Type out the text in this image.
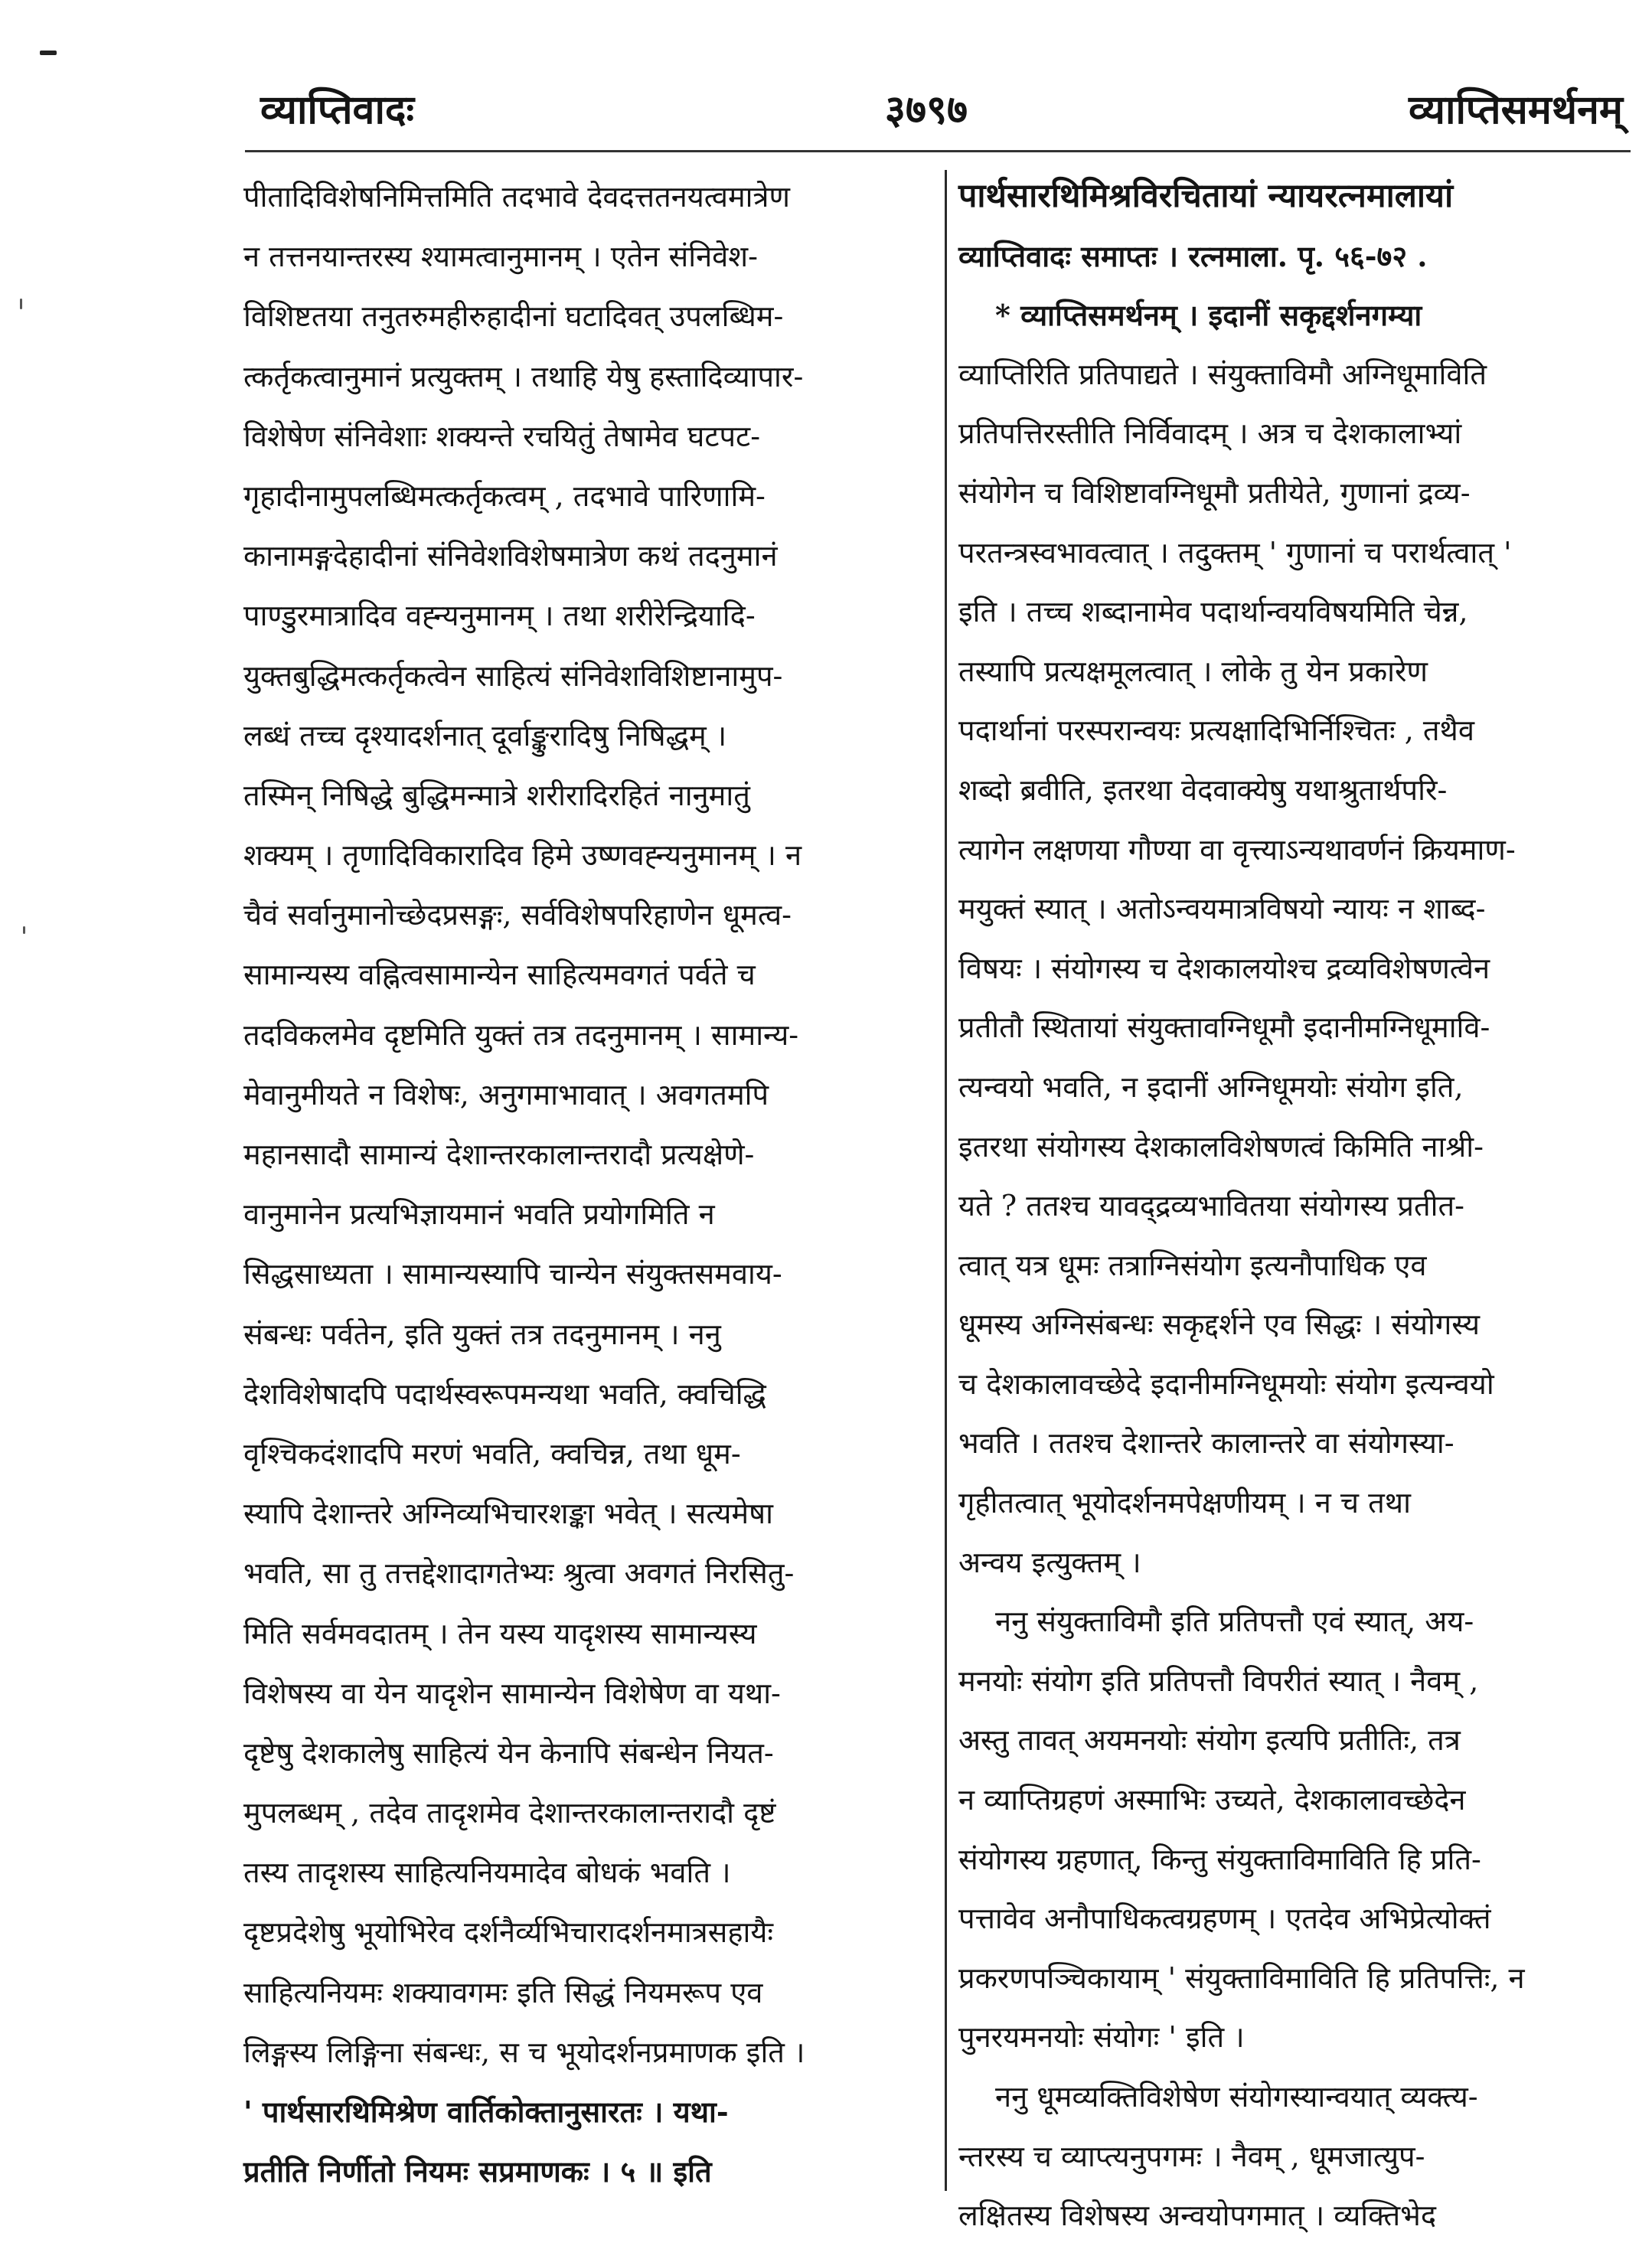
व्याप्तिवादः	३७९७	व्याप्तिसमर्थनम्
पीतादिविशेषनिमित्तमिति तदभावे देवदत्ततनयत्वमात्रेण
न तत्तनयान्तरस्य श्यामत्वानुमानम् । एतेन संनिवेश-
विशिष्टतया तनुतरुमहीरुहादीनां घटादिवत् उपलब्धिम-
त्कर्तृकत्वानुमानं प्रत्युक्तम् । तथाहि येषु हस्तादिव्यापार-
विशेषेण संनिवेशाः शक्यन्ते रचयितुं तेषामेव घटपट-
गृहादीनामुपलब्धिमत्कर्तृकत्वम् , तदभावे पारिणामि-
कानामङ्गदेहादीनां संनिवेशविशेषमात्रेण कथं तदनुमानं
पाण्डुरमात्रादिव वह्न्यनुमानम् । तथा शरीरेन्द्रियादि-
युक्तबुद्धिमत्कर्तृकत्वेन साहित्यं संनिवेशविशिष्टानामुप-
लब्धं तच्च दृश्यादर्शनात् दूर्वाङ्कुरादिषु निषिद्धम् ।
तस्मिन् निषिद्धे बुद्धिमन्मात्रे शरीरादिरहितं नानुमातुं
शक्यम् । तृणादिविकारादिव हिमे उष्णवह्न्यनुमानम् । न
चैवं सर्वानुमानोच्छेदप्रसङ्गः, सर्वविशेषपरिहाणेन धूमत्व-
सामान्यस्य वह्नित्वसामान्येन साहित्यमवगतं पर्वते च
तदविकलमेव दृष्टमिति युक्तं तत्र तदनुमानम् । सामान्य-
मेवानुमीयते न विशेषः, अनुगमाभावात् । अवगतमपि
महानसादौ सामान्यं देशान्तरकालान्तरादौ प्रत्यक्षेणे-
वानुमानेन प्रत्यभिज्ञायमानं भवति प्रयोगमिति न
सिद्धसाध्यता । सामान्यस्यापि चान्येन संयुक्तसमवाय-
संबन्धः पर्वतेन, इति युक्तं तत्र तदनुमानम् । ननु
देशविशेषादपि पदार्थस्वरूपमन्यथा भवति, क्वचिद्धि
वृश्चिकदंशादपि मरणं भवति, क्वचिन्न, तथा धूम-
स्यापि देशान्तरे अग्निव्यभिचारशङ्का भवेत् । सत्यमेषा
भवति, सा तु तत्तद्देशादागतेभ्यः श्रुत्वा अवगतं निरसितु-
मिति सर्वमवदातम् । तेन यस्य यादृशस्य सामान्यस्य
विशेषस्य वा येन यादृशेन सामान्येन विशेषेण वा यथा-
दृष्टेषु देशकालेषु साहित्यं येन केनापि संबन्धेन नियत-
मुपलब्धम् , तदेव तादृशमेव देशान्तरकालान्तरादौ दृष्टं
तस्य तादृशस्य साहित्यनियमादेव बोधकं भवति ।
दृष्टप्रदेशेषु भूयोभिरेव दर्शनैर्व्यभिचारादर्शनमात्रसहायैः
साहित्यनियमः शक्यावगमः इति सिद्धं नियमरूप एव
लिङ्गस्य लिङ्गिना संबन्धः, स च भूयोदर्शनप्रमाणक इति ।
' पार्थसारथिमिश्रेण वार्तिकोक्तानुसारतः । यथा-
प्रतीति निर्णीतो नियमः सप्रमाणकः । ५ ॥ इति
पार्थसारथिमिश्रविरचितायां न्यायरत्नमालायां
व्याप्तिवादः समाप्तः । रत्नमाला. पृ. ५६-७२ .
* व्याप्तिसमर्थनम् । इदानीं सकृद्दर्शनगम्या
व्याप्तिरिति प्रतिपाद्यते । संयुक्ताविमौ अग्निधूमाविति
प्रतिपत्तिरस्तीति निर्विवादम् । अत्र च देशकालाभ्यां
संयोगेन च विशिष्टावग्निधूमौ प्रतीयेते, गुणानां द्रव्य-
परतन्त्रस्वभावत्वात् । तदुक्तम् ' गुणानां च परार्थत्वात् '
इति । तच्च शब्दानामेव पदार्थान्वयविषयमिति चेन्न,
तस्यापि प्रत्यक्षमूलत्वात् । लोके तु येन प्रकारेण
पदार्थानां परस्परान्वयः प्रत्यक्षादिभिर्निश्चितः , तथैव
शब्दो ब्रवीति, इतरथा वेदवाक्येषु यथाश्रुतार्थपरि-
त्यागेन लक्षणया गौण्या वा वृत्त्याऽन्यथावर्णनं क्रियमाण-
मयुक्तं स्यात् । अतोऽन्वयमात्रविषयो न्यायः न शाब्द-
विषयः । संयोगस्य च देशकालयोश्च द्रव्यविशेषणत्वेन
प्रतीतौ स्थितायां संयुक्तावग्निधूमौ इदानीमग्निधूमावि-
त्यन्वयो भवति, न इदानीं अग्निधूमयोः संयोग इति,
इतरथा संयोगस्य देशकालविशेषणत्वं किमिति नाश्री-
यते ? ततश्च यावद्द्रव्यभावितया संयोगस्य प्रतीत-
त्वात् यत्र धूमः तत्राग्निसंयोग इत्यनौपाधिक एव
धूमस्य अग्निसंबन्धः सकृद्दर्शने एव सिद्धः । संयोगस्य
च देशकालावच्छेदे इदानीमग्निधूमयोः संयोग इत्यन्वयो
भवति । ततश्च देशान्तरे कालान्तरे वा संयोगस्या-
गृहीतत्वात् भूयोदर्शनमपेक्षणीयम् । न च तथा
अन्वय इत्युक्तम् ।
ननु संयुक्ताविमौ इति प्रतिपत्तौ एवं स्यात्, अय-
मनयोः संयोग इति प्रतिपत्तौ विपरीतं स्यात् । नैवम् ,
अस्तु तावत् अयमनयोः संयोग इत्यपि प्रतीतिः, तत्र
न व्याप्तिग्रहणं अस्माभिः उच्यते, देशकालावच्छेदेन
संयोगस्य ग्रहणात्, किन्तु संयुक्ताविमाविति हि प्रति-
पत्तावेव अनौपाधिकत्वग्रहणम् । एतदेव अभिप्रेत्योक्तं
प्रकरणपञ्चिकायाम् ' संयुक्ताविमाविति हि प्रतिपत्तिः, न
पुनरयमनयोः संयोगः ' इति ।
ननु धूमव्यक्तिविशेषेण संयोगस्यान्वयात् व्यक्त्य-
न्तरस्य च व्याप्त्यनुपगमः । नैवम् , धूमजात्युप-
लक्षितस्य विशेषस्य अन्वयोपगमात् । व्यक्तिभेद
